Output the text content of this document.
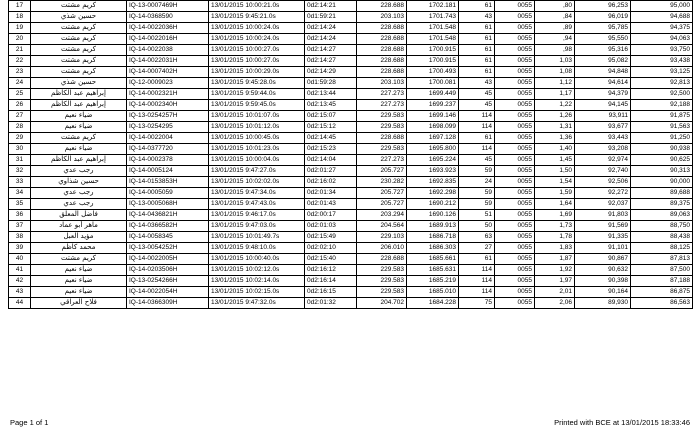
17	كريم مشتت	IQ-13-0007469H	13/01/2015 10:00:21.0s	0d2:14:21	228.688	1702.181	61	0055	,80	96,253	95,000
18	حسين شذي	IQ-14-0368590	13/01/2015 9:45:21.0s	0d1:59:21	203.103	1701.743	43	0055	,84	96,019	94,688
19	كريم مشتت	IQ-14-0022036H	13/01/2015 10:00:24.0s	0d2:14:24	228.688	1701.548	61	0055	,89	95,785	94,375
20	كريم مشتت	IQ-14-0022016H	13/01/2015 10:00:24.0s	0d2:14:24	228.688	1701.548	61	0055	,94	95,550	94,063
21	كريم مشتت	IQ-14-0022038	13/01/2015 10:00:27.0s	0d2:14:27	228.688	1700.915	61	0055	,98	95,316	93,750
22	كريم مشتت	IQ-14-0022031H	13/01/2015 10:00:27.0s	0d2:14:27	228.688	1700.915	61	0055	1,03	95,082	93,438
23	كريم مشتت	IQ-14-0007402H	13/01/2015 10:00:29.0s	0d2:14:29	228.688	1700.493	61	0055	1,08	94,848	93,125
24	حسين شذي	IQ-12-0009023	13/01/2015 9:45:28.0s	0d1:59:28	203.103	1700.081	43	0055	1,12	94,614	92,813
25	إبراهيم عبد الكاظم	IQ-14-0002321H	13/01/2015 9:59:44.0s	0d2:13:44	227.273	1699.449	45	0055	1,17	94,379	92,500
26	إبراهيم عبد الكاظم	IQ-14-0002340H	13/01/2015 9:59:45.0s	0d2:13:45	227.273	1699.237	45	0055	1,22	94,145	92,188
27	ضياء نعيم	IQ-13-0254257H	13/01/2015 10:01:07.0s	0d2:15:07	229.583	1699.146	114	0055	1,26	93,911	91,875
28	ضياء نعيم	IQ-13-0254295	13/01/2015 10:01:12.0s	0d2:15:12	229.583	1698.099	114	0055	1,31	93,677	91,563
29	كريم مشتت	IQ-14-0022004	13/01/2015 10:00:45.0s	0d2:14:45	228.688	1697.128	61	0055	1,36	93,443	91,250
30	ضياء نعيم	IQ-14-0377720	13/01/2015 10:01:23.0s	0d2:15:23	229.583	1695.800	114	0055	1,40	93,208	90,938
31	إبراهيم عبد الكاظم	IQ-14-0002378	13/01/2015 10:00:04.0s	0d2:14:04	227.273	1695.224	45	0055	1,45	92,974	90,625
32	رجب عدي	IQ-14-0005124	13/01/2015 9:47:27.0s	0d2:01:27	205.727	1693.923	59	0055	1,50	92,740	90,313
33	حسين شذاوي	IQ-14-0153853H	13/01/2015 10:02:02.0s	0d2:16:02	230.282	1692.835	24	0055	1,54	92,506	90,000
34	رجب عدي	IQ-14-0005059	13/01/2015 9:47:34.0s	0d2:01:34	205.727	1692.298	59	0055	1,59	92,272	89,688
35	رجب عدي	IQ-13-0005068H	13/01/2015 9:47:43.0s	0d2:01:43	205.727	1690.212	59	0055	1,64	92,037	89,375
36	فاضل المعلق	IQ-14-0436821H	13/01/2015 9:46:17.0s	0d2:00:17	203.294	1690.126	51	0055	1,69	91,803	89,063
37	ماهر أبو عماد	IQ-14-0366582H	13/01/2015 9:47:03.0s	0d2:01:03	204.564	1689.913	50	0055	1,73	91,569	88,750
38	مؤيد العبل	IQ-14-0058345	13/01/2015 10:01:49.7s	0d2:15:49	229.103	1686.718	63	0055	1,78	91,335	88,438
39	محمد كاظم	IQ-13-0054252H	13/01/2015 9:48:10.0s	0d2:02:10	206.010	1686.303	27	0055	1,83	91,101	88,125
40	كريم مشتت	IQ-14-0022005H	13/01/2015 10:00:40.0s	0d2:15:40	228.688	1685.661	61	0055	1,87	90,867	87,813
41	ضياء نعيم	IQ-14-0203506H	13/01/2015 10:02:12.0s	0d2:16:12	229.583	1685.631	114	0055	1,92	90,632	87,500
42	ضياء نعيم	IQ-13-0254266H	13/01/2015 10:02:14.0s	0d2:16:14	229.583	1685.219	114	0055	1,97	90,398	87,188
43	ضياء نعيم	IQ-14-0022054H	13/01/2015 10:02:15.0s	0d2:16:15	229.583	1685.010	114	0055	2,01	90,164	86,875
44	فلاح العراقي	IQ-14-0366309H	13/01/2015 9:47:32.0s	0d2:01:32	204.702	1684.228	75	0055	2,06	89,930	86,563
Page 1 of 1	Printed with BCE at 13/01/2015 18:33:46
